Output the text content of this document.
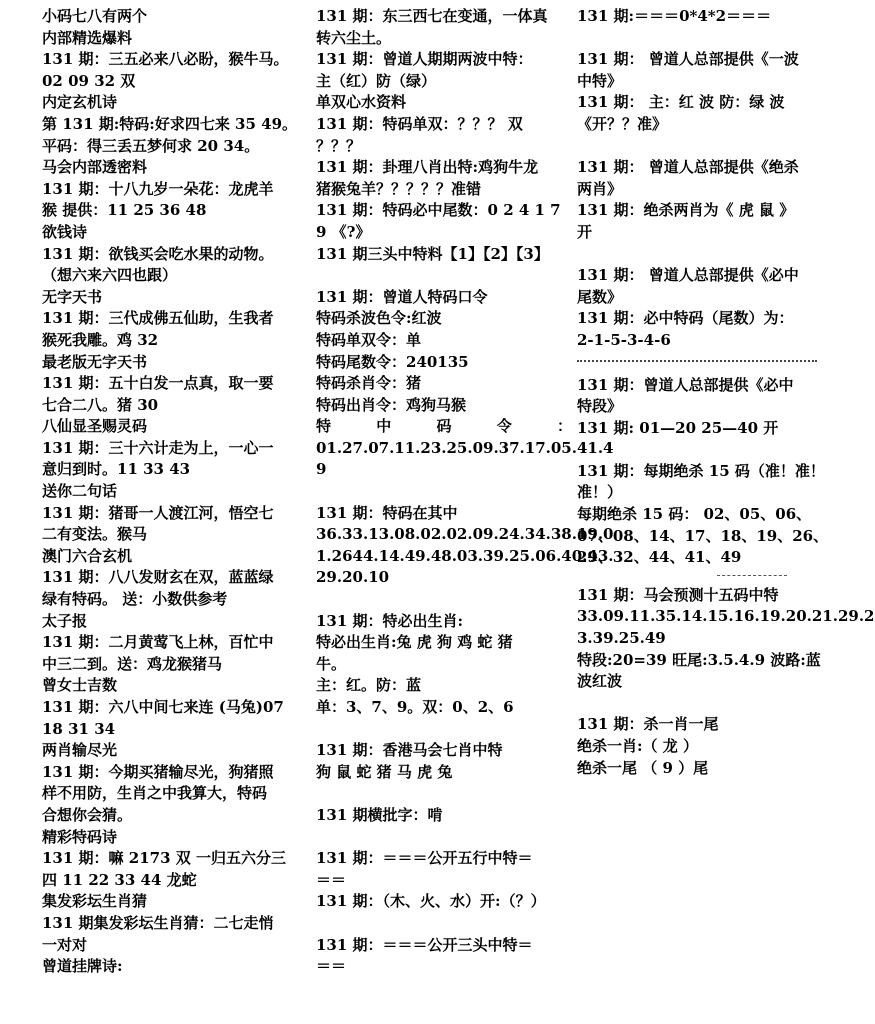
小码七八有两个
内部精选爆料
131 期：三五必来八必盼，猴牛马。
02 09 32 双
内定玄机诗
第 131 期:特码:好求四七来 35 49。
平码：得三丢五梦何求 20 34。
马会内部透密料
131 期：十八九岁一朵花：龙虎羊
猴 提供：11 25 36 48
欲钱诗
131 期：欲钱买会吃水果的动物。
（想六来六四也跟）
无字天书
131 期：三代成佛五仙助，生我者
猴死我雕。鸡 32
最老版无字天书
131 期：五十白发一点真，取一要
七合二八。猪 30
八仙显圣赐灵码
131 期：三十六计走为上，一心一
意归到时。11 33 43
送你二句话
131 期：猪哥一人渡江河，悟空七
二有变法。猴马
澳门六合玄机
131 期：八八发财玄在双，蓝蓝绿
绿有特码。 送：小数供参考
太子报
131 期：二月黄莺飞上林，百忙中
中三二到。送：鸡龙猴猪马
曾女士吉数
131 期：六八中间七来连 (马兔)07
18 31 34
两肖输尽光
131 期：今期买猪输尽光，狗猪照
样不用防，生肖之中我算大，特码
合想你会猜。
精彩特码诗
131 期：嘛 2173 双 一归五六分三
四 11 22 33 44 龙蛇
集发彩坛生肖猜
131 期集发彩坛生肖猜：二七走悄
一对对
曾道挂牌诗:
131 期：东三西七在变通，一体真
转六尘土。
131 期：曾道人期期两波中特：
主（红）防（绿）
单双心水资料
131 期：特码单双：？？？ 双
？？？
131 期：卦理八肖出特:鸡狗牛龙
猪猴兔羊？？？？？准错
131 期：特码必中尾数：0 2 4 1 7
9 《?》
131 期三头中特料【1】【2】【3】
131 期：曾道人特码口令
特码杀波色令:红波
特码单双令：单
特码尾数令：240135
特码杀肖令：猪
特码出肖令：鸡狗马猴
特　　中　　码　　令　　：
01.27.07.11.23.25.09.37.17.05.41.4
9
131 期：特码在其中
36.33.13.08.02.02.09.24.34.38.19.0
1.2644.14.49.48.03.39.25.06.40.43.
29.20.10
131 期：特必出生肖:
特必出生肖:兔 虎 狗 鸡 蛇 猪
牛。
主：红。防：蓝
单：3、7、9。双：0、2、6
131 期：香港马会七肖中特
狗 鼠 蛇 猪 马 虎 兔
131 期横批字：啃
131 期：＝＝＝公开五行中特＝
＝＝
131 期：（木、火、水）开:（？）
131 期：＝＝＝公开三头中特＝
＝＝
131 期:＝＝＝0*4*2＝＝＝
131 期： 曾道人总部提供《一波
中特》
131 期： 主：红 波 防：绿 波
《开？？准》
131 期： 曾道人总部提供《绝杀
两肖》
131 期：绝杀两肖为《 虎 鼠 》
开
131 期： 曾道人总部提供《必中
尾数》
131 期：必中特码（尾数）为：
2-1-5-3-4-6
131 期：曾道人总部提供《必中
特段》
131 期: 01—20 25—40 开
131 期：每期绝杀 15 码（准！准！
准！）
每期绝杀 15 码： 02、05、06、
07、08、14、17、18、19、26、
29、32、44、41、49
131 期：马会预测十五码中特
33.09.11.35.14.15.16.19.20.21.29.2
3.39.25.49
特段:20=39 旺尾:3.5.4.9 波路:蓝
波红波
131 期：杀一肖一尾
绝杀一肖:（ 龙 ）
绝杀一尾 （ 9 ）尾
